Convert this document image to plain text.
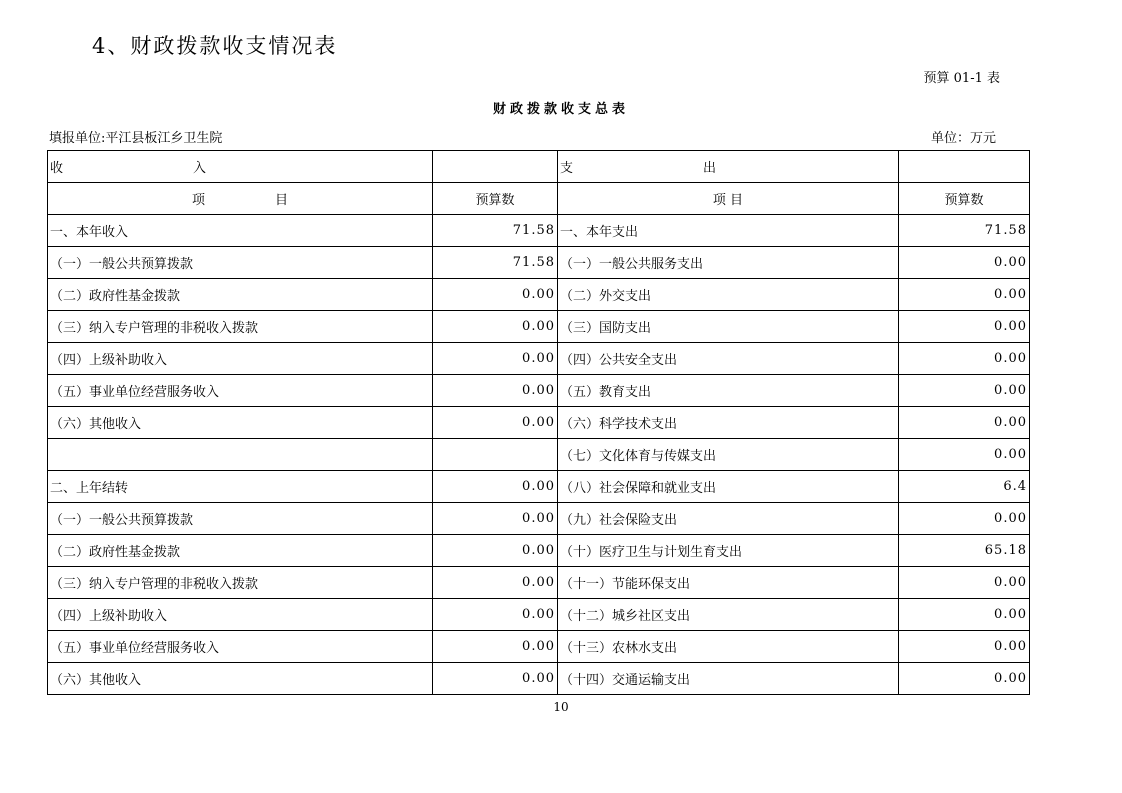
4、财政拨款收支情况表
预算 01-1 表
财政拨款收支总表
填报单位:平江县板江乡卫生院	单位：万元
收 入		支 出	
项 目	预算数	项 目	预算数
一、本年收入	71.58	一、本年支出	71.58
（一）一般公共预算拨款	71.58	（一）一般公共服务支出	0.00
（二）政府性基金拨款	0.00	（二）外交支出	0.00
（三）纳入专户管理的非税收入拨款	0.00	（三）国防支出	0.00
（四）上级补助收入	0.00	（四）公共安全支出	0.00
（五）事业单位经营服务收入	0.00	（五）教育支出	0.00
（六）其他收入	0.00	（六）科学技术支出	0.00
		（七）文化体育与传媒支出	0.00
二、上年结转	0.00	（八）社会保障和就业支出	6.4
（一）一般公共预算拨款	0.00	（九）社会保险支出	0.00
（二）政府性基金拨款	0.00	（十）医疗卫生与计划生育支出	65.18
（三）纳入专户管理的非税收入拨款	0.00	（十一）节能环保支出	0.00
（四）上级补助收入	0.00	（十二）城乡社区支出	0.00
（五）事业单位经营服务收入	0.00	（十三）农林水支出	0.00
（六）其他收入	0.00	（十四）交通运输支出	0.00
10
